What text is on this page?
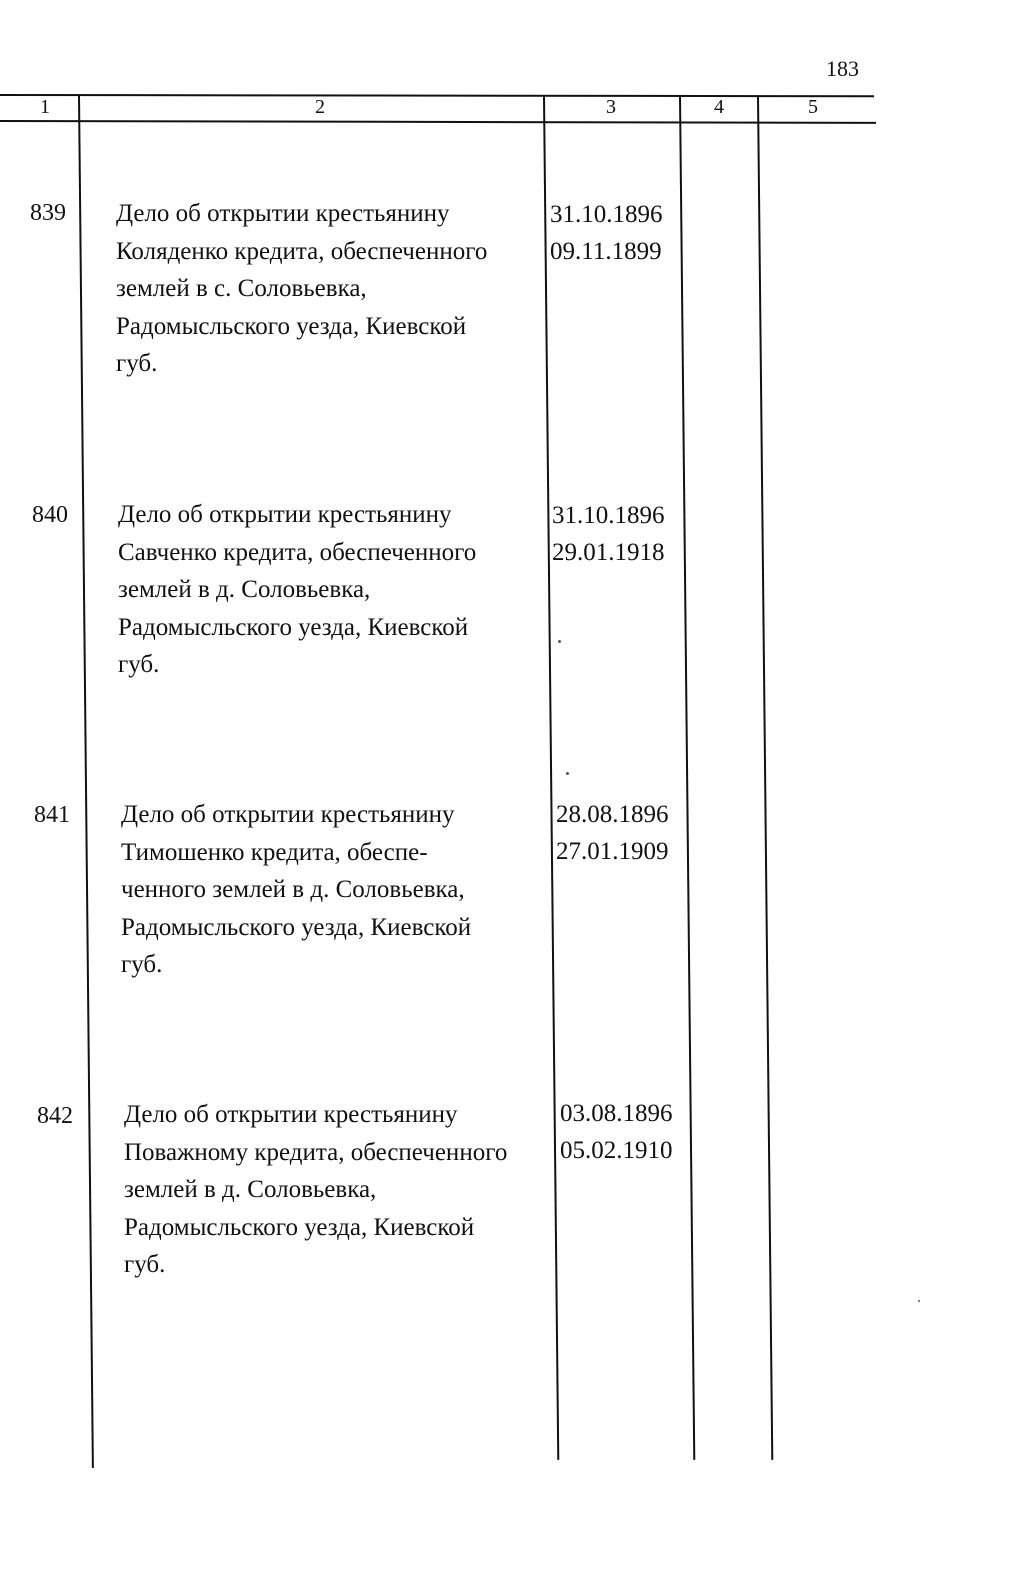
183
1	2	3	4	5
839 Дело об открытии крестьянину
Коляденко кредита, обеспеченного
землей в с. Соловьевка,
Радомысльского уезда, Киевской
губ.
31.10.1896
09.11.1899
840 Дело об открытии крестьянину
Савченко кредита, обеспеченного
землей в д. Соловьевка,
Радомысльского уезда, Киевской
губ.
31.10.1896
29.01.1918
841 Дело об открытии крестьянину
Тимошенко кредита, обеспе-
ченного землей в д. Соловьевка,
Радомысльского уезда, Киевской
губ.
28.08.1896
27.01.1909
842 Дело об открытии крестьянину
Поважному кредита, обеспеченного
землей в д. Соловьевка,
Радомысльского уезда, Киевской
губ.
03.08.1896
05.02.1910
